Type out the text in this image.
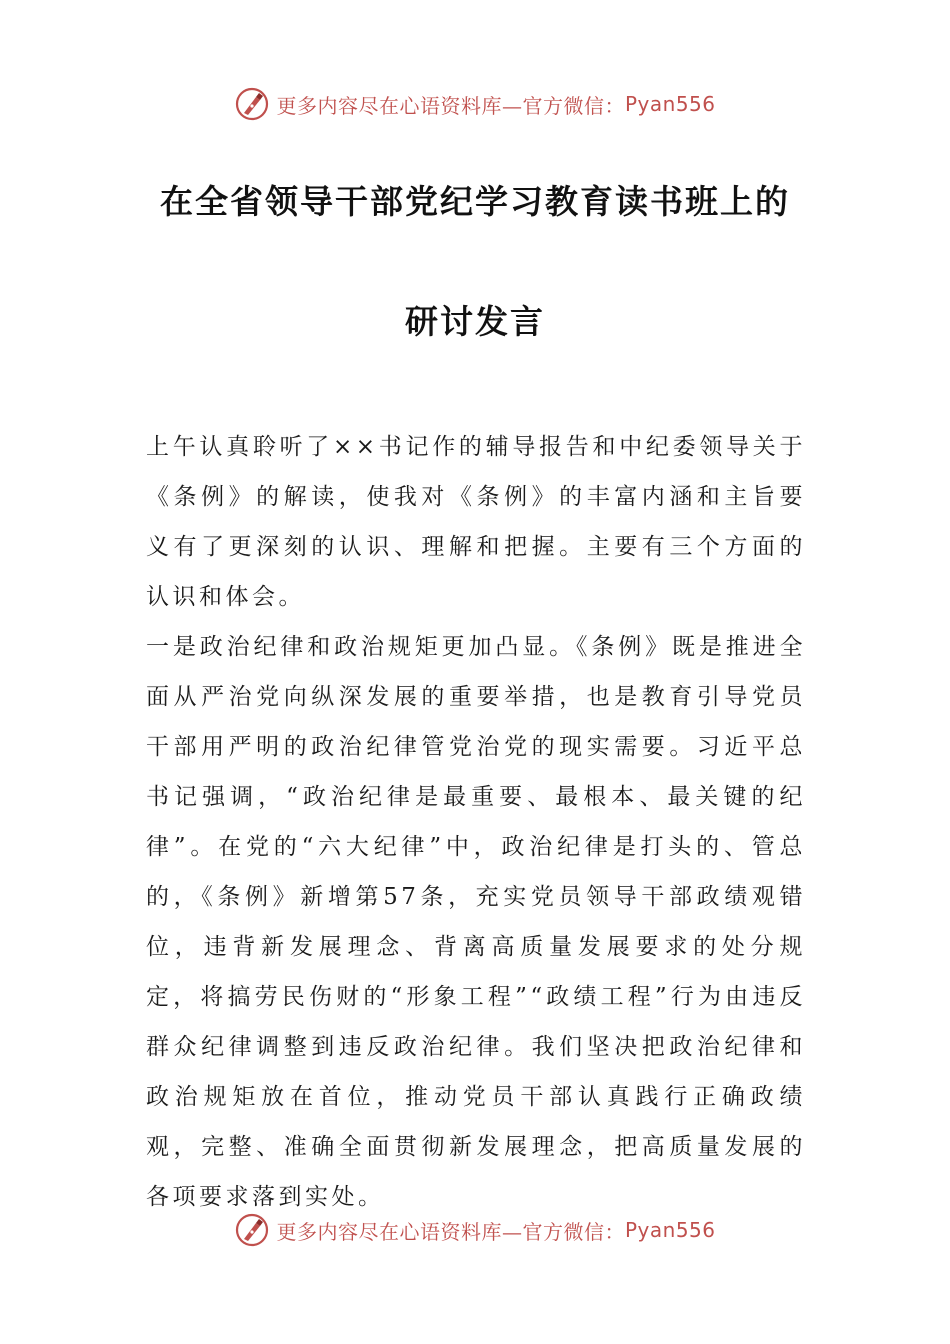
更多内容尽在心语资料库—官方微信： Pyan556
在全省领导干部党纪学习教育读书班上的
研讨发言

上午认真聆听了××书记作的辅导报告和中纪委领导关于《条例》的解读，使我对《条例》的丰富内涵和主旨要义有了更深刻的认识、理解和把握。主要有三个方面的认识和体会。

一是政治纪律和政治规矩更加凸显。《条例》既是推进全面从严治党向纵深发展的重要举措，也是教育引导党员干部用严明的政治纪律管党治党的现实需要。习近平总书记强调，“政治纪律是最重要、最根本、最关键的纪律”。在党的“六大纪律”中，政治纪律是打头的、管总的，《条例》新增第57条，充实党员领导干部政绩观错位，违背新发展理念、背离高质量发展要求的处分规定，将搞劳民伤财的“形象工程”“政绩工程”行为由违反群众纪律调整到违反政治纪律。我们坚决把政治纪律和政治规矩放在首位，推动党员干部认真践行正确政绩观，完整、准确全面贯彻新发展理念，把高质量发展的各项要求落到实处。

更多内容尽在心语资料库—官方微信： Pyan556
